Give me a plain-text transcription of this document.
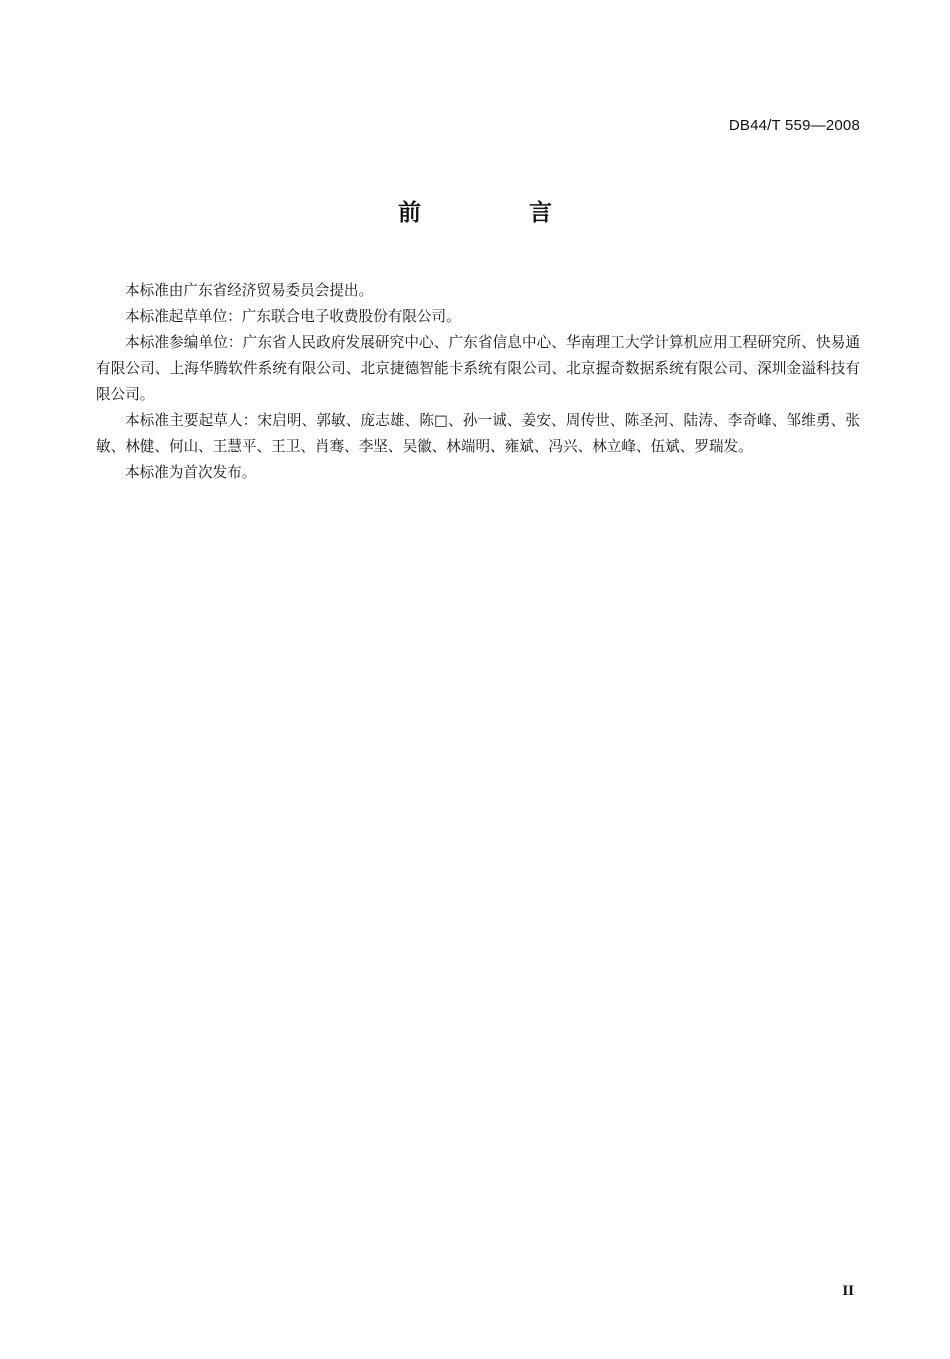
DB44/T 559—2008
前 言

本标准由广东省经济贸易委员会提出。

本标准起草单位：广东联合电子收费股份有限公司。

本标准参编单位：广东省人民政府发展研究中心、广东省信息中心、华南理工大学计算机应用工程研究所、快易通有限公司、上海华腾软件系统有限公司、北京捷德智能卡系统有限公司、北京握奇数据系统有限公司、深圳金溢科技有限公司。

本标准主要起草人：宋启明、郭敏、庞志雄、陈□、孙一诚、姜安、周传世、陈圣河、陆涛、李奇峰、邹维勇、张敏、林健、何山、王慧平、王卫、肖骞、李坚、吴徽、林端明、雍斌、冯兴、林立峰、伍斌、罗瑞发。

本标准为首次发布。

II
